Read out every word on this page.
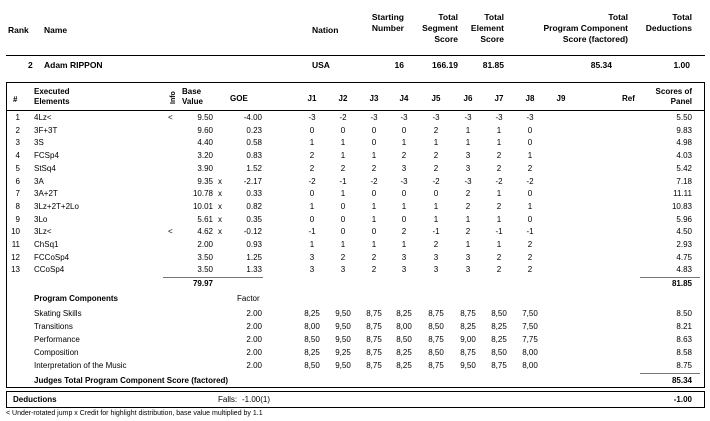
Rank Name	Nation
Starting
Number
Total
Segment
Score
Total
Element
Score
Total
Program Component
Score (factored)
Total
Deductions
2 Adam RIPPON	USA	16	166.19	81.85	85.34	1.00
#
Executed
Elements	Info Base
Value	GOE	J1	J2	J3	J4	J5	J6	J7	J8	J9	Ref
Scores of
Panel
1 4Lz<	<	9.50	-4.00	-3	-2	-3	-3	-3	-3	-3	-3	5.50
2 3F+3T	9.60	0.23	0	0	0	0	2	1	1	0	9.83
3 3S	4.40	0.58	1	1	0	1	1	1	1	0	4.98
4 FCSp4	3.20	0.83	2	1	1	2	2	3	2	1	4.03
5 StSq4	3.90	1.52	2	2	2	3	2	3	2	2	5.42
6 3A	9.35 x	-2.17	-2	-1	-2	-3	-2	-3	-2	-2	7.18
7 3A+2T	10.78 x	0.33	0	1	0	0	0	2	1	0	11.11
8 3Lz+2T+2Lo	10.01 x	0.82	1	0	1	1	1	2	2	1	10.83
9 3Lo	5.61 x	0.35	0	0	1	0	1	1	1	0	5.96
10 3Lz<	<	4.62 x	-0.12	-1	0	0	2	-1	2	-1	-1	4.50
11 ChSq1	2.00	0.93	1	1	1	1	2	1	1	2	2.93
12 FCCoSp4	3.50	1.25	3	2	2	3	3	3	2	2	4.75
13 CCoSp4	3.50	1.33	3	3	2	3	3	3	2	2	4.83
79.97	81.85
Program Components	Factor
Skating Skills	2.00	8,25	9,50	8,75	8,25	8,75	8,75	8,50	7,50	8.50
Transitions	2.00	8,00	9,50	8,75	8,00	8,50	8,25	8,25	7,50	8.21
Performance	2.00	8,50	9,50	8,75	8,50	8,75	9,00	8,25	7,75	8.63
Composition	2.00	8,25	9,25	8,75	8,25	8,50	8,75	8,50	8,00	8.58
Interpretation of the Music	2.00	8,50	9,50	8,75	8,25	8,75	9,50	8,75	8,00	8.75
Judges Total Program Component Score (factored)	85.34
Deductions	Falls: -1.00(1)	-1.00
< Under-rotated jump x Credit for highlight distribution, base value multiplied by 1.1
